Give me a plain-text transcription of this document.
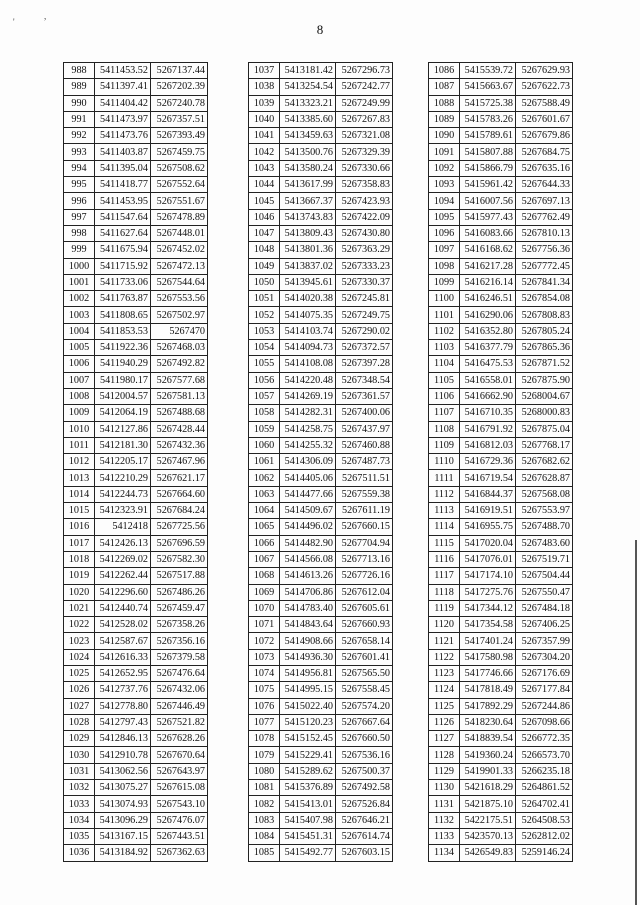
8
'
,
988	5411453.52	5267137.44
989	5411397.41	5267202.39
990	5411404.42	5267240.78
991	5411473.97	5267357.51
992	5411473.76	5267393.49
993	5411403.87	5267459.75
994	5411395.04	5267508.62
995	5411418.77	5267552.64
996	5411453.95	5267551.67
997	5411547.64	5267478.89
998	5411627.64	5267448.01
999	5411675.94	5267452.02
1000	5411715.92	5267472.13
1001	5411733.06	5267544.64
1002	5411763.87	5267553.56
1003	5411808.65	5267502.97
1004	5411853.53	5267470
1005	5411922.36	5267468.03
1006	5411940.29	5267492.82
1007	5411980.17	5267577.68
1008	5412004.57	5267581.13
1009	5412064.19	5267488.68
1010	5412127.86	5267428.44
1011	5412181.30	5267432.36
1012	5412205.17	5267467.96
1013	5412210.29	5267621.17
1014	5412244.73	5267664.60
1015	5412323.91	5267684.24
1016	5412418	5267725.56
1017	5412426.13	5267696.59
1018	5412269.02	5267582.30
1019	5412262.44	5267517.88
1020	5412296.60	5267486.26
1021	5412440.74	5267459.47
1022	5412528.02	5267358.26
1023	5412587.67	5267356.16
1024	5412616.33	5267379.58
1025	5412652.95	5267476.64
1026	5412737.76	5267432.06
1027	5412778.80	5267446.49
1028	5412797.43	5267521.82
1029	5412846.13	5267628.26
1030	5412910.78	5267670.64
1031	5413062.56	5267643.97
1032	5413075.27	5267615.08
1033	5413074.93	5267543.10
1034	5413096.29	5267476.07
1035	5413167.15	5267443.51
1036	5413184.92	5267362.63
1037	5413181.42	5267296.73
1038	5413254.54	5267242.77
1039	5413323.21	5267249.99
1040	5413385.60	5267267.83
1041	5413459.63	5267321.08
1042	5413500.76	5267329.39
1043	5413580.24	5267330.66
1044	5413617.99	5267358.83
1045	5413667.37	5267423.93
1046	5413743.83	5267422.09
1047	5413809.43	5267430.80
1048	5413801.36	5267363.29
1049	5413837.02	5267333.23
1050	5413945.61	5267330.37
1051	5414020.38	5267245.81
1052	5414075.35	5267249.75
1053	5414103.74	5267290.02
1054	5414094.73	5267372.57
1055	5414108.08	5267397.28
1056	5414220.48	5267348.54
1057	5414269.19	5267361.57
1058	5414282.31	5267400.06
1059	5414258.75	5267437.97
1060	5414255.32	5267460.88
1061	5414306.09	5267487.73
1062	5414405.06	5267511.51
1063	5414477.66	5267559.38
1064	5414509.67	5267611.19
1065	5414496.02	5267660.15
1066	5414482.90	5267704.94
1067	5414566.08	5267713.16
1068	5414613.26	5267726.16
1069	5414706.86	5267612.04
1070	5414783.40	5267605.61
1071	5414843.64	5267660.93
1072	5414908.66	5267658.14
1073	5414936.30	5267601.41
1074	5414956.81	5267565.50
1075	5414995.15	5267558.45
1076	5415022.40	5267574.20
1077	5415120.23	5267667.64
1078	5415152.45	5267660.50
1079	5415229.41	5267536.16
1080	5415289.62	5267500.37
1081	5415376.89	5267492.58
1082	5415413.01	5267526.84
1083	5415407.98	5267646.21
1084	5415451.31	5267614.74
1085	5415492.77	5267603.15
1086	5415539.72	5267629.93
1087	5415663.67	5267622.73
1088	5415725.38	5267588.49
1089	5415783.26	5267601.67
1090	5415789.61	5267679.86
1091	5415807.88	5267684.75
1092	5415866.79	5267635.16
1093	5415961.42	5267644.33
1094	5416007.56	5267697.13
1095	5415977.43	5267762.49
1096	5416083.66	5267810.13
1097	5416168.62	5267756.36
1098	5416217.28	5267772.45
1099	5416216.14	5267841.34
1100	5416246.51	5267854.08
1101	5416290.06	5267808.83
1102	5416352.80	5267805.24
1103	5416377.79	5267865.36
1104	5416475.53	5267871.52
1105	5416558.01	5267875.90
1106	5416662.90	5268004.67
1107	5416710.35	5268000.83
1108	5416791.92	5267875.04
1109	5416812.03	5267768.17
1110	5416729.36	5267682.62
1111	5416719.54	5267628.87
1112	5416844.37	5267568.08
1113	5416919.51	5267553.97
1114	5416955.75	5267488.70
1115	5417020.04	5267483.60
1116	5417076.01	5267519.71
1117	5417174.10	5267504.44
1118	5417275.76	5267550.47
1119	5417344.12	5267484.18
1120	5417354.58	5267406.25
1121	5417401.24	5267357.99
1122	5417580.98	5267304.20
1123	5417746.66	5267176.69
1124	5417818.49	5267177.84
1125	5417892.29	5267244.86
1126	5418230.64	5267098.66
1127	5418839.54	5266772.35
1128	5419360.24	5266573.70
1129	5419901.33	5266235.18
1130	5421618.29	5264861.52
1131	5421875.10	5264702.41
1132	5422175.51	5264508.53
1133	5423570.13	5262812.02
1134	5426549.83	5259146.24
